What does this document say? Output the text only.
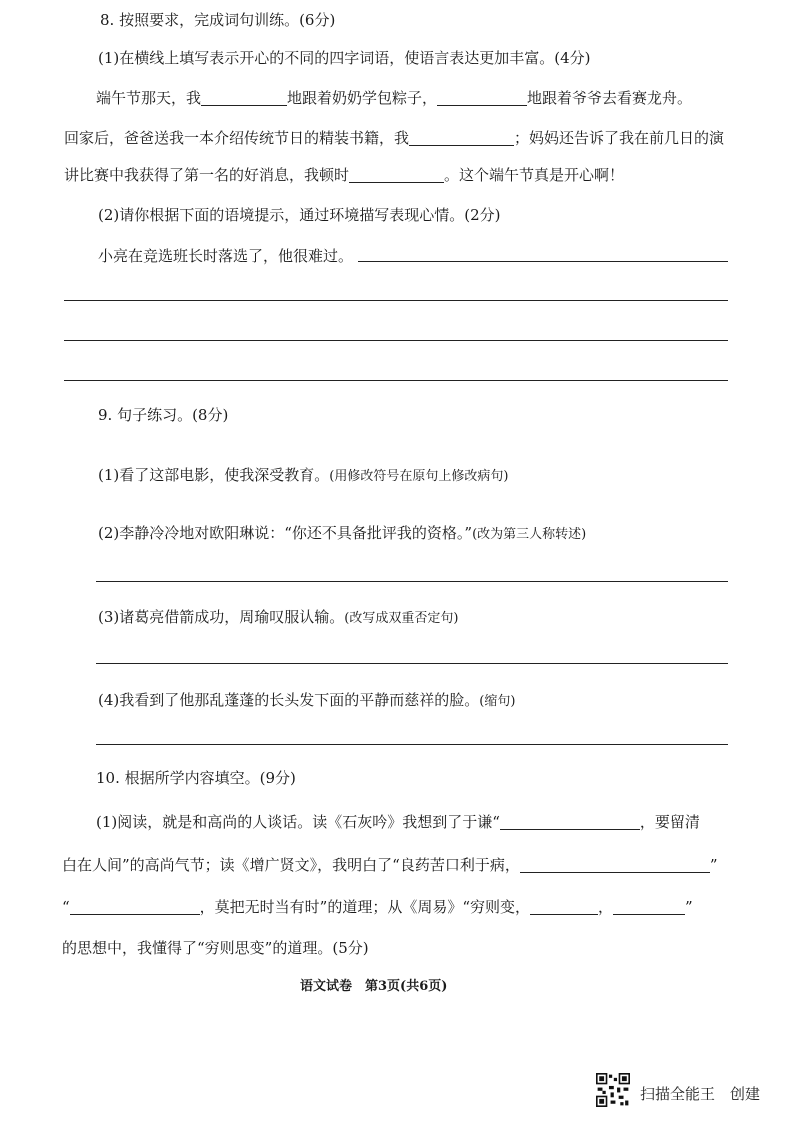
8. 按照要求，完成词句训练。(6分)
(1)在横线上填写表示开心的不同的四字词语，使语言表达更加丰富。(4分)
端午节那天，我	地跟着奶奶学包粽子，	地跟着爷爷去看赛龙舟。
回家后，爸爸送我一本介绍传统节日的精装书籍，我	；妈妈还告诉了我在前几日的演
讲比赛中我获得了第一名的好消息，我顿时	。这个端午节真是开心啊！
(2)请你根据下面的语境提示，通过环境描写表现心情。(2分)
小亮在竞选班长时落选了，他很难过。
9. 句子练习。(8分)
(1)看了这部电影，使我深受教育。(用修改符号在原句上修改病句)
(2)李静冷冷地对欧阳琳说：“你还不具备批评我的资格。”(改为第三人称转述)
(3)诸葛亮借箭成功，周瑜叹服认输。(改写成双重否定句)
(4)我看到了他那乱蓬蓬的长头发下面的平静而慈祥的脸。(缩句)
10. 根据所学内容填空。(9分)
(1)阅读，就是和高尚的人谈话。读《石灰吟》我想到了于谦“	，要留清
白在人间”的高尚气节；读《增广贤文》，我明白了“良药苦口利于病，	”
“	，莫把无时当有时”的道理；从《周易》“穷则变，	，	”
的思想中，我懂得了“穷则思变”的道理。(5分)
语文试卷　第3页(共6页)
扫描全能王　创建
